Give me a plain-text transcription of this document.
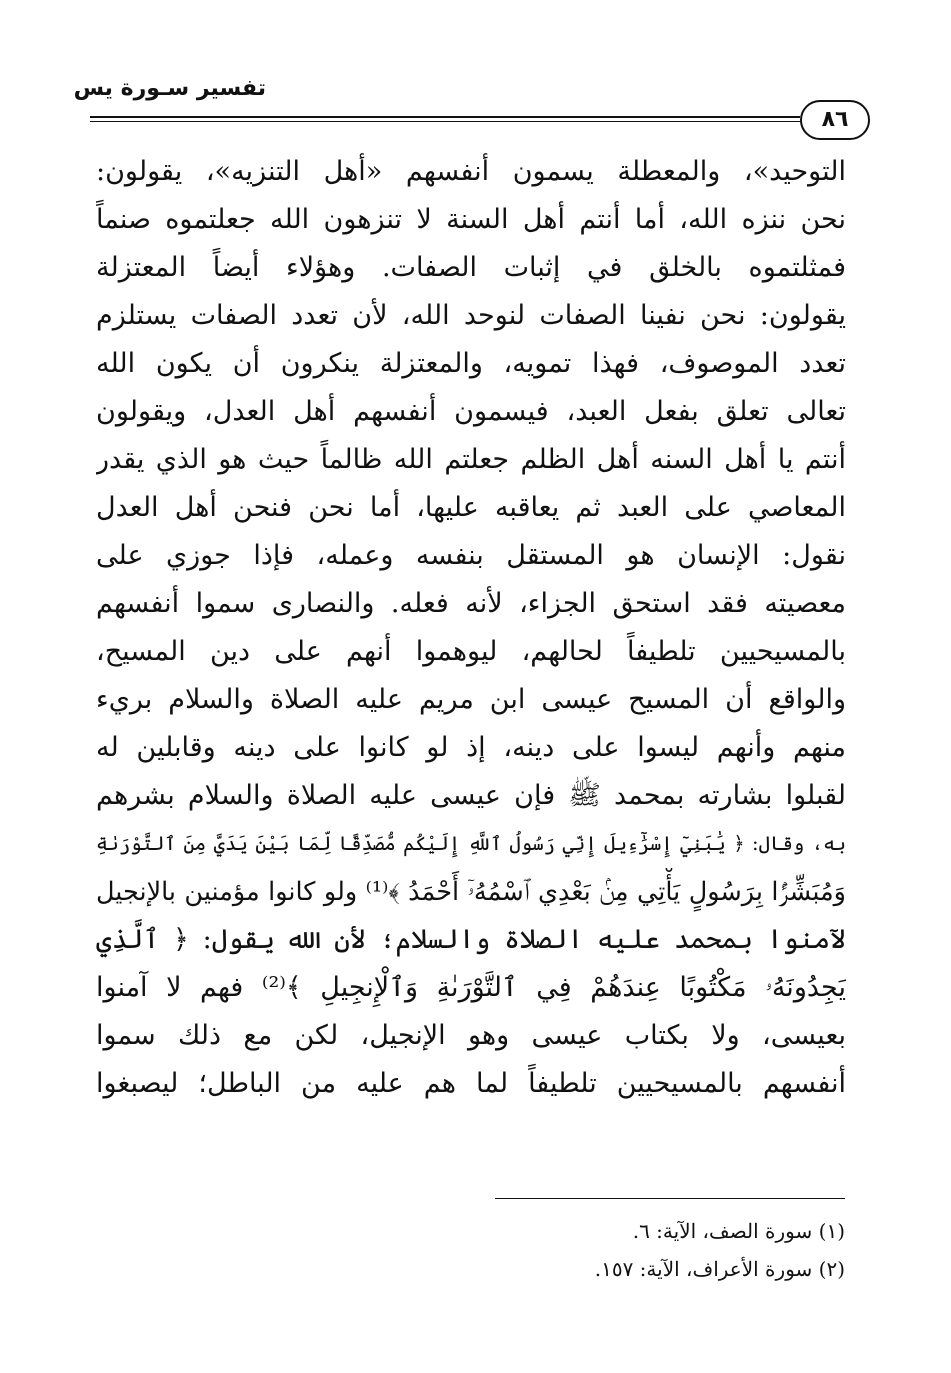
تفسير سـورة يس
٨٦
التوحيد»، والمعطلة يسمون أنفسهم «أهل التنزيه»، يقولون:
نحن ننزه الله، أما أنتم أهل السنة لا تنزهون الله جعلتموه صنماً
فمثلتموه بالخلق في إثبات الصفات. وهؤلاء أيضاً المعتزلة
يقولون: نحن نفينا الصفات لنوحد الله، لأن تعدد الصفات يستلزم
تعدد الموصوف، فهذا تمويه، والمعتزلة ينكرون أن يكون الله
تعالى تعلق بفعل العبد، فيسمون أنفسهم أهل العدل، ويقولون
أنتم يا أهل السنه أهل الظلم جعلتم الله ظالماً حيث هو الذي يقدر
المعاصي على العبد ثم يعاقبه عليها، أما نحن فنحن أهل العدل
نقول: الإنسان هو المستقل بنفسه وعمله، فإذا جوزي على
معصيته فقد استحق الجزاء، لأنه فعله. والنصارى سموا أنفسهم
بالمسيحيين تلطيفاً لحالهم، ليوهموا أنهم على دين المسيح،
والواقع أن المسيح عيسى ابن مريم عليه الصلاة والسلام بريء
منهم وأنهم ليسوا على دينه، إذ لو كانوا على دينه وقابلين له
لقبلوا بشارته بمحمد ﷺ فإن عيسى عليه الصلاة والسلام بشرهم
به، وقال: ﴿ يَٰبَنِيٓ إِسْرَٰٓءِيلَ إِنِّي رَسُولُ ٱللَّهِ إِلَيْكُم مُّصَدِّقًا لِّمَا بَيْنَ يَدَيَّ مِنَ ٱلتَّوْرَىٰةِ
وَمُبَشِّرًۢا بِرَسُولٍ يَأْتِي مِنۢ بَعْدِي ٱسْمُهُۥٓ أَحْمَدُ ﴾⁽¹⁾ ولو كانوا مؤمنين بالإنجيل
لآمنوا بمحمد عليه الصلاة والسلام؛ لأن الله يقول: ﴿ ٱلَّذِي
يَجِدُونَهُۥ مَكْتُوبًا عِندَهُمْ فِي ٱلتَّوْرَىٰةِ وَٱلْإِنجِيلِ ﴾⁽²⁾ فهم لا آمنوا
بعيسى، ولا بكتاب عيسى وهو الإنجيل، لكن مع ذلك سموا
أنفسهم بالمسيحيين تلطيفاً لما هم عليه من الباطل؛ ليصبغوا
(١) سورة الصف، الآية: ٦.
(٢) سورة الأعراف، الآية: ١٥٧.
